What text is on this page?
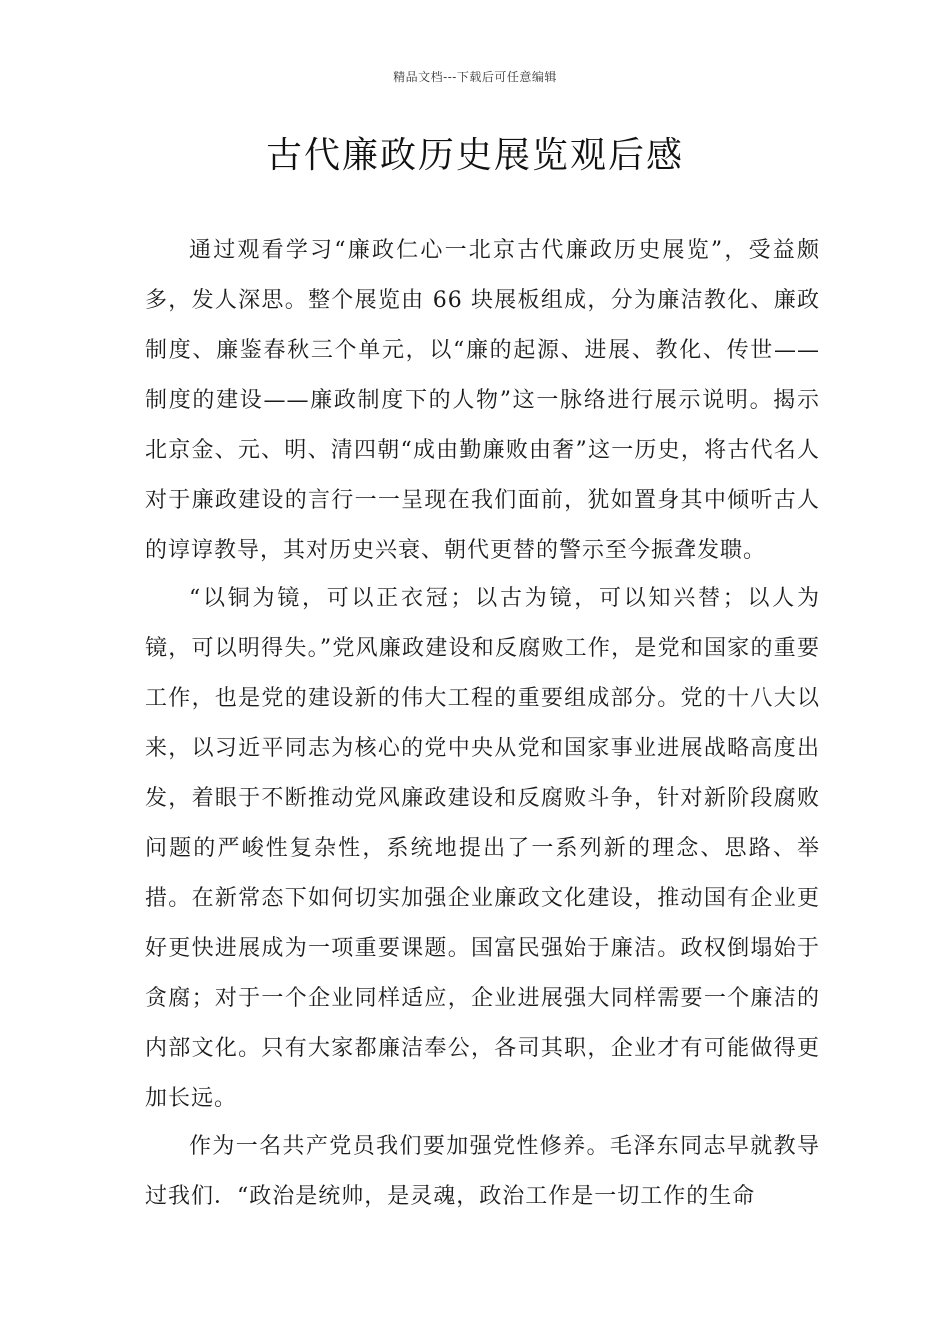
精品文档---下载后可任意编辑
古代廉政历史展览观后感

通过观看学习“廉政仁心一北京古代廉政历史展览”，受益颇多，发人深思。整个展览由 66 块展板组成，分为廉洁教化、廉政制度、廉鉴春秋三个单元，以“廉的起源、进展、教化、传世——制度的建设——廉政制度下的人物”这一脉络进行展示说明。揭示北京金、元、明、清四朝“成由勤廉败由奢”这一历史，将古代名人对于廉政建设的言行一一呈现在我们面前，犹如置身其中倾听古人的谆谆教导，其对历史兴衰、朝代更替的警示至今振聋发聩。

“以铜为镜，可以正衣冠；以古为镜，可以知兴替；以人为镜，可以明得失。”党风廉政建设和反腐败工作，是党和国家的重要工作，也是党的建设新的伟大工程的重要组成部分。党的十八大以来，以习近平同志为核心的党中央从党和国家事业进展战略高度出发，着眼于不断推动党风廉政建设和反腐败斗争，针对新阶段腐败问题的严峻性复杂性，系统地提出了一系列新的理念、思路、举措。在新常态下如何切实加强企业廉政文化建设，推动国有企业更好更快进展成为一项重要课题。国富民强始于廉洁。政权倒塌始于贪腐；对于一个企业同样适应，企业进展强大同样需要一个廉洁的内部文化。只有大家都廉洁奉公，各司其职，企业才有可能做得更加长远。

作为一名共产党员我们要加强党性修养。毛泽东同志早就教导过我们．“政治是统帅，是灵魂，政治工作是一切工作的生命
